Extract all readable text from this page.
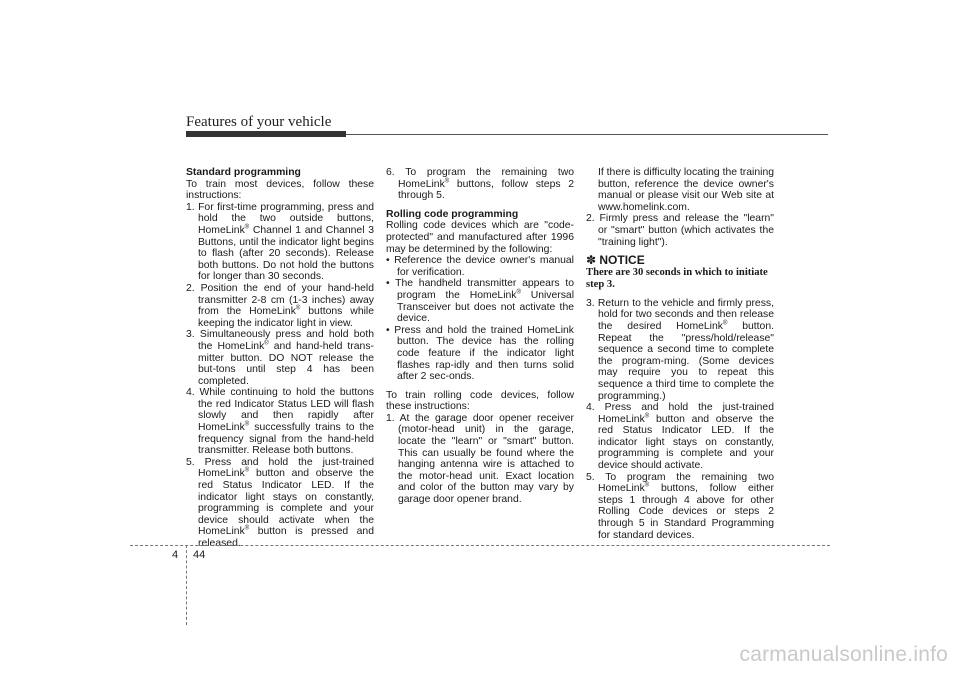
Features of your vehicle

Standard programming

To train most devices, follow these instructions:

1. For first-time programming, press and hold the two outside buttons, HomeLink® Channel 1 and Channel 3 Buttons, until the indicator light begins to flash (after 20 seconds). Release both buttons. Do not hold the buttons for longer than 30 seconds.

2. Position the end of your hand-held transmitter 2-8 cm (1-3 inches) away from the HomeLink® buttons while keeping the indicator light in view.

3. Simultaneously press and hold both the HomeLink® and hand-held trans-mitter button. DO NOT release the but-tons until step 4 has been completed.

4. While continuing to hold the buttons the red Indicator Status LED will flash slowly and then rapidly after HomeLink® successfully trains to the frequency signal from the hand-held transmitter. Release both buttons.

5. Press and hold the just-trained HomeLink® button and observe the red Status Indicator LED. If the indicator light stays on constantly, programming is complete and your device should activate when the HomeLink® button is pressed and released.

6. To program the remaining two HomeLink® buttons, follow steps 2 through 5.

Rolling code programming

Rolling code devices which are "code-protected" and manufactured after 1996 may be determined by the following:

• Reference the device owner's manual for verification.

• The handheld transmitter appears to program the HomeLink® Universal Transceiver but does not activate the device.

• Press and hold the trained HomeLink button. The device has the rolling code feature if the indicator light flashes rap-idly and then turns solid after 2 sec-onds.

To train rolling code devices, follow these instructions:

1. At the garage door opener receiver (motor-head unit) in the garage, locate the "learn" or "smart" button. This can usually be found where the hanging antenna wire is attached to the motor-head unit. Exact location and color of the button may vary by garage door opener brand.

If there is difficulty locating the training button, reference the device owner's manual or please visit our Web site at www.homelink.com.

2. Firmly press and release the "learn" or "smart" button (which activates the "training light").

✽ NOTICE

There are 30 seconds in which to initiate step 3.

3. Return to the vehicle and firmly press, hold for two seconds and then release the desired HomeLink® button. Repeat the "press/hold/release" sequence a second time to complete the program-ming. (Some devices may require you to repeat this sequence a third time to complete the programming.)

4. Press and hold the just-trained HomeLink® button and observe the red Status Indicator LED. If the indicator light stays on constantly, programming is complete and your device should activate.

5. To program the remaining two HomeLink® buttons, follow either steps 1 through 4 above for other Rolling Code devices or steps 2 through 5 in Standard Programming for standard devices.

4 44
carmanualsonline.info
